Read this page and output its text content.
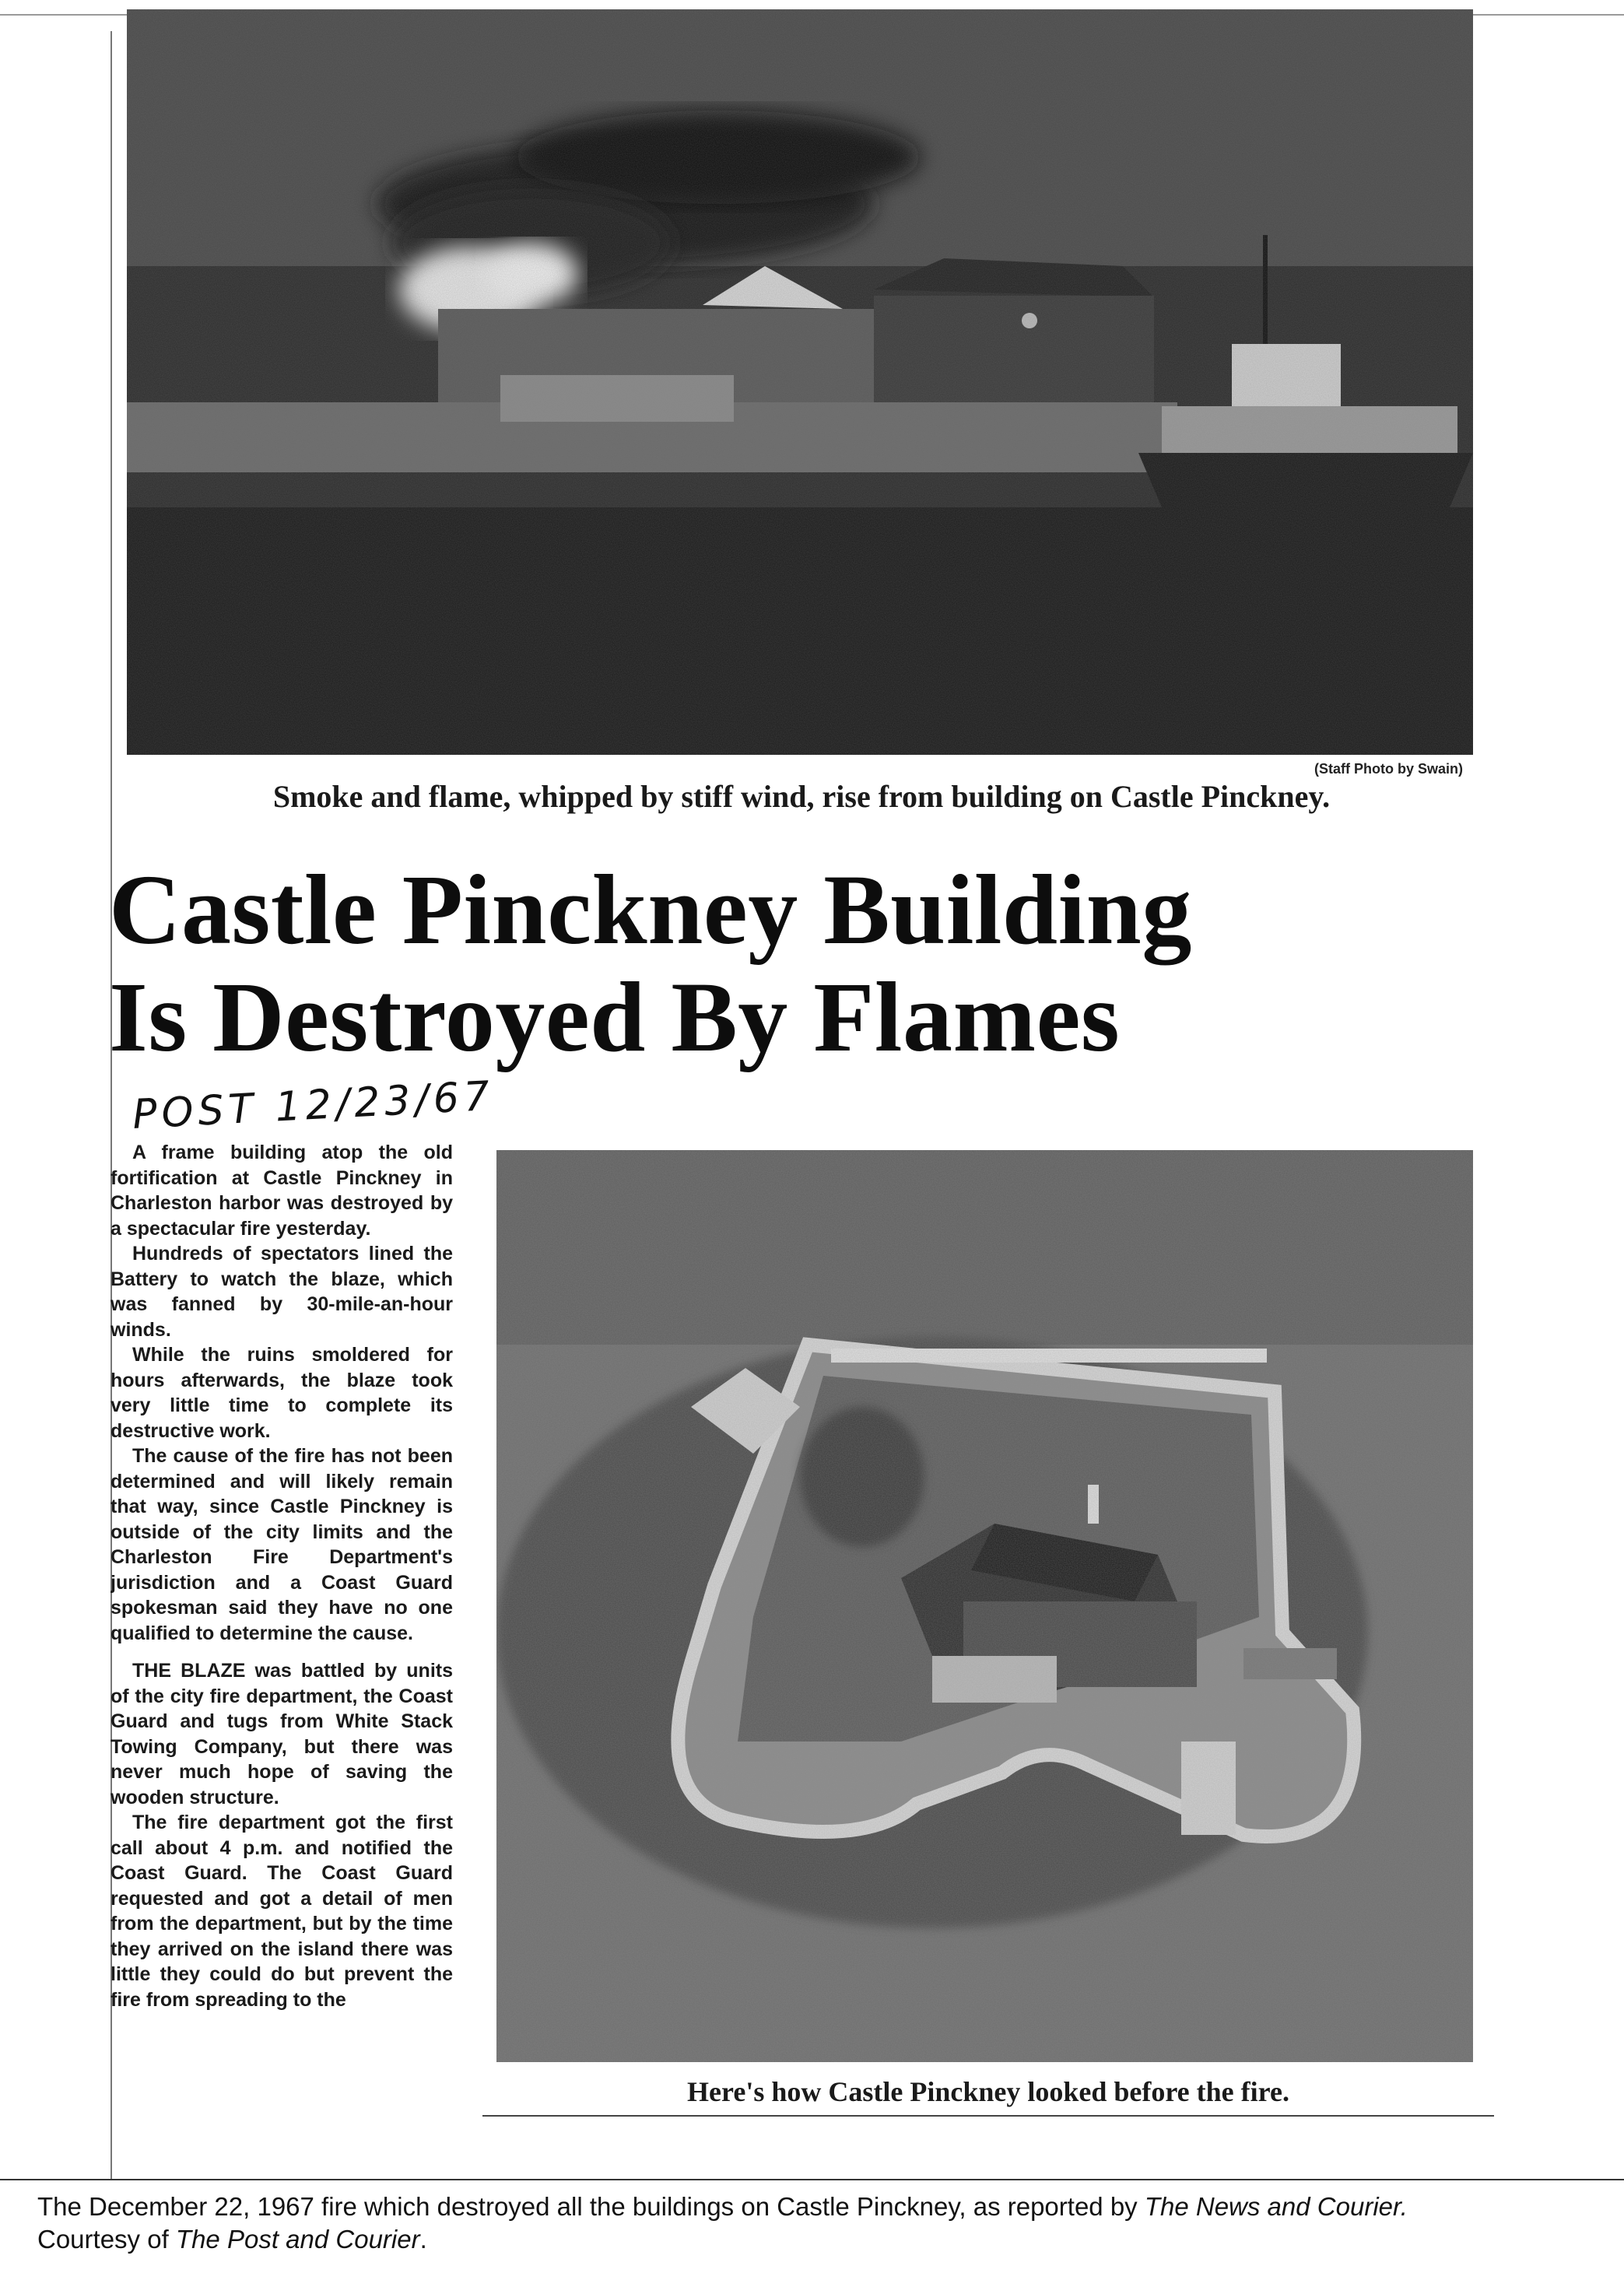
(Staff Photo by Swain)
Smoke and flame, whipped by stiff wind, rise from building on Castle Pinckney.
Castle Pinckney Building
Is Destroyed By Flames
POST 12/23/67

A frame building atop the old fortification at Castle Pinckney in Charleston harbor was destroyed by a spectacular fire yesterday.

Hundreds of spectators lined the Battery to watch the blaze, which was fanned by 30-mile-an-hour winds.

While the ruins smoldered for hours afterwards, the blaze took very little time to complete its destructive work.

The cause of the fire has not been determined and will likely remain that way, since Castle Pinckney is outside of the city limits and the Charleston Fire Department's jurisdiction and a Coast Guard spokesman said they have no one qualified to determine the cause.

THE BLAZE was battled by units of the city fire department, the Coast Guard and tugs from White Stack Towing Company, but there was never much hope of saving the wooden structure.

The fire department got the first call about 4 p.m. and notified the Coast Guard. The Coast Guard requested and got a detail of men from the department, but by the time they arrived on the island there was little they could do but prevent the fire from spreading to the

Here's how Castle Pinckney looked before the fire.
The December 22, 1967 fire which destroyed all the buildings on Castle Pinckney, as reported by The News and Courier.
Courtesy of The Post and Courier.
